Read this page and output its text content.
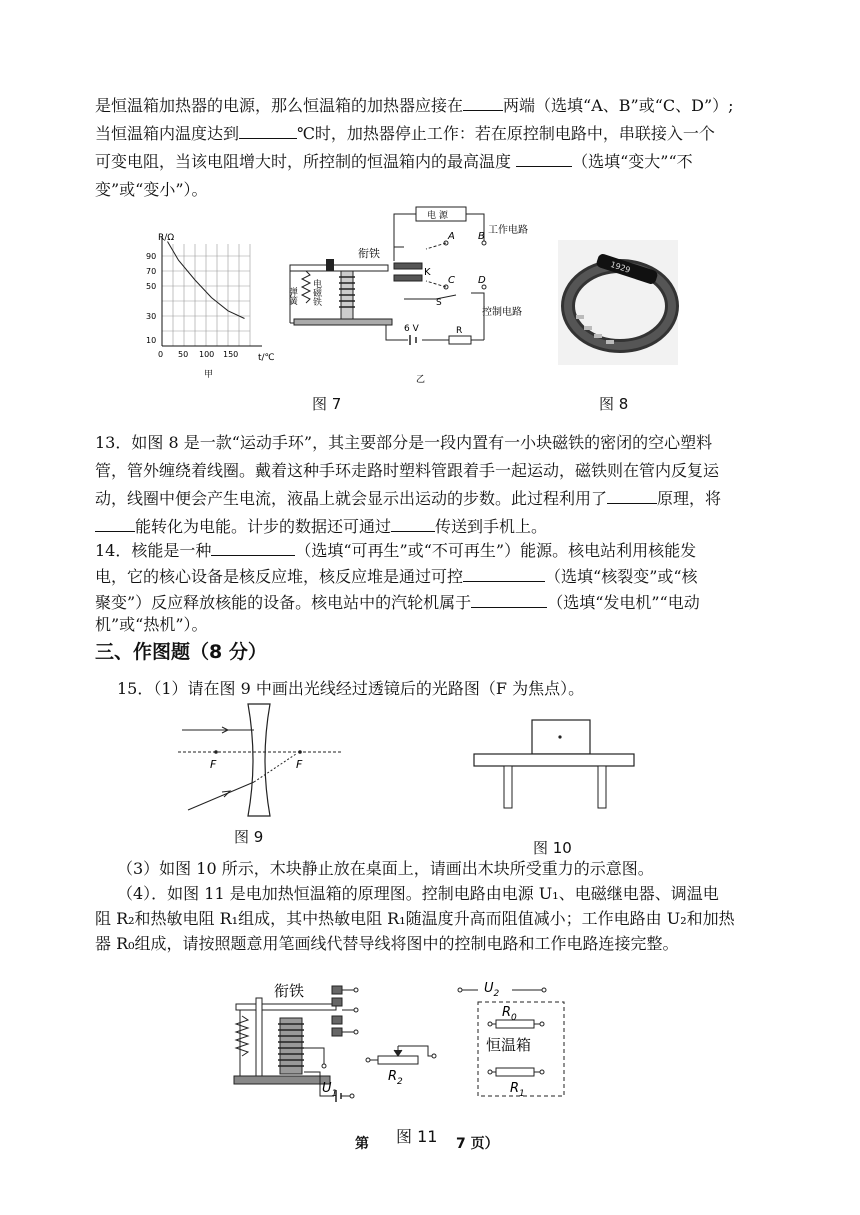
是恒温箱加热器的电源，那么恒温箱的加热器应接在	两端（选填“A、B”或“C、D”）;
当恒温箱内温度达到	℃时，加热器停止工作：若在原控制电路中，串联接入一个
可变电阻，当该电阻增大时，所控制的恒温箱内的最高温度	（选填“变大”“不
变”或“变小”）。
R/Ω
t/℃
90
70
50
30
10
0 50 100 150
甲
电 源
衔铁
弹簧 电磁铁
K
A B
C D
S
工作电路
控制电路
6 V	R
乙
1929
图 7	图 8
13．如图 8 是一款“运动手环”，其主要部分是一段内置有一小块磁铁的密闭的空心塑料
管，管外缠绕着线圈。戴着这种手环走路时塑料管跟着手一起运动，磁铁则在管内反复运
动，线圈中便会产生电流，液晶上就会显示出运动的步数。此过程利用了	原理，将
能转化为电能。计步的数据还可通过	传送到手机上。
14．核能是一种	（选填“可再生”或“不可再生”）能源。核电站利用核能发
电，它的核心设备是核反应堆，核反应堆是通过可控	（选填“核裂变”或“核
聚变”）反应释放核能的设备。核电站中的汽轮机属于	（选填“发电机”“电动
机”或“热机”）。
三、作图题（8 分）
15．（1）请在图 9 中画出光线经过透镜后的光路图（F 为焦点）。
F	F
图 9
图 10
（3）如图 10 所示，木块静止放在桌面上，请画出木块所受重力的示意图。
（4）．如图 11 是电加热恒温箱的原理图。控制电路由电源 U₁、电磁继电器、调温电
阻 R₂和热敏电阻 R₁组成，其中热敏电阻 R₁随温度升高而阻值减小；工作电路由 U₂和加热
器 R₀组成，请按照题意用笔画线代替导线将图中的控制电路和工作电路连接完整。
衔铁
$U_1$
$R_2$
$U_2$
$R_0$
恒温箱
$R_1$
第 图 11 7 页）
